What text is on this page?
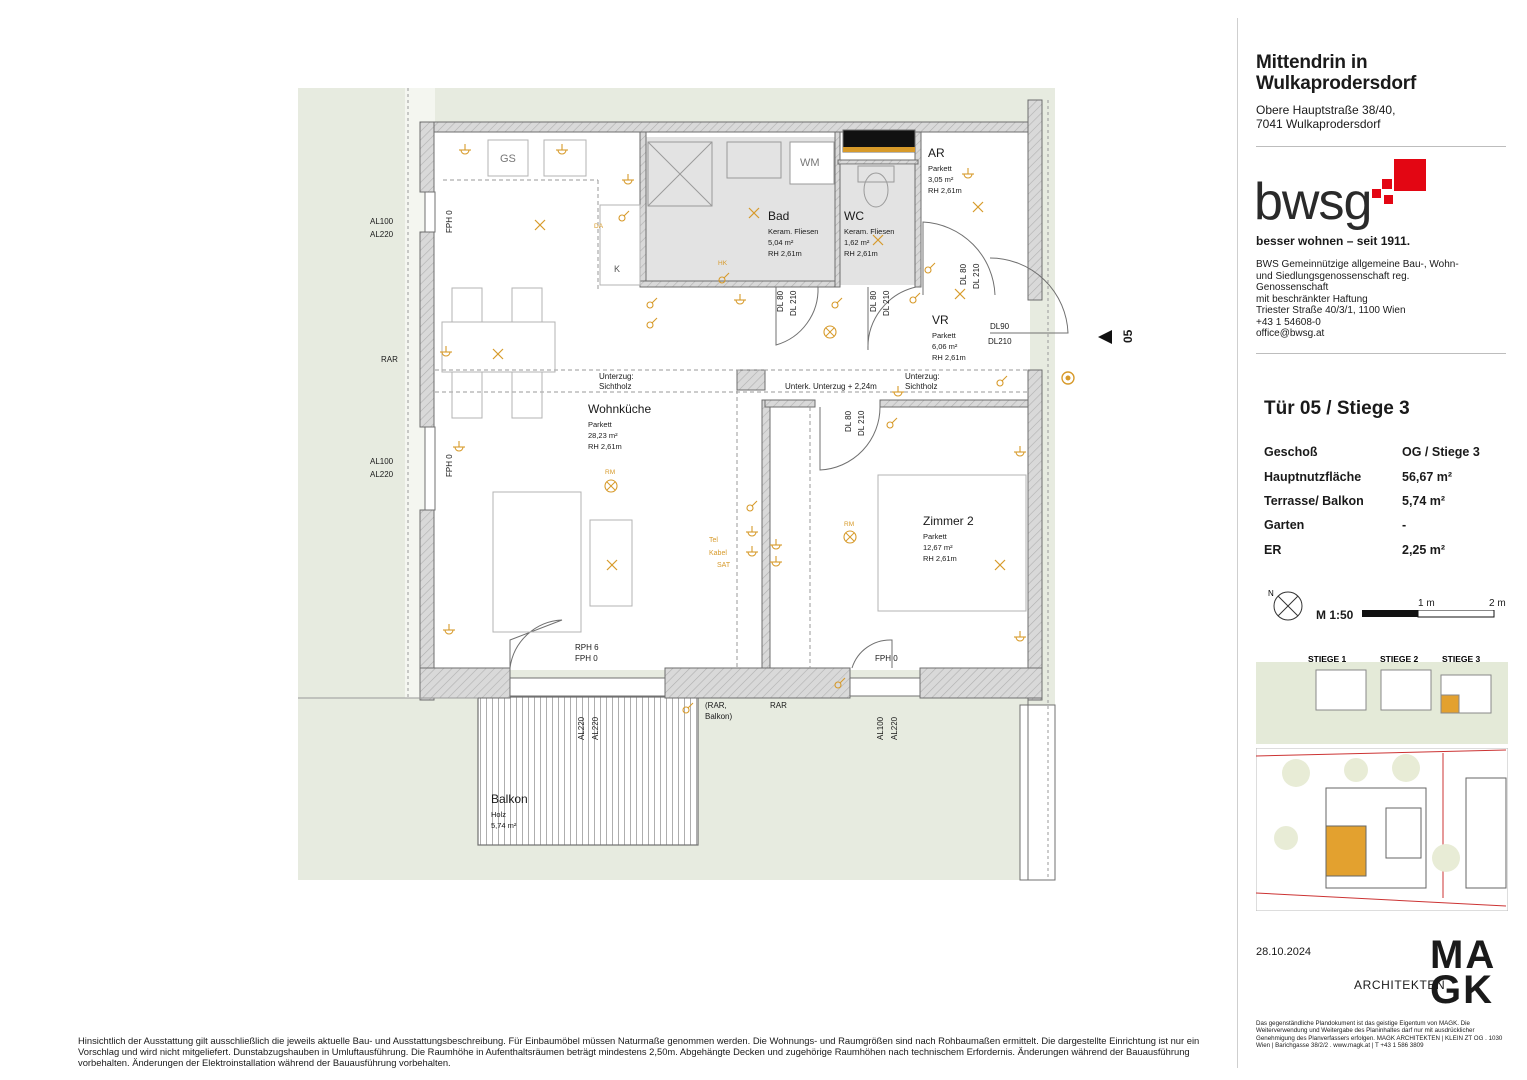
Bad
Keram. Fliesen
5,04 m²
RH 2,61m
WC
Keram. Fliesen
1,62 m²
RH 2,61m
AR
Parkett
3,05 m²
RH 2,61m
VR
Parkett
6,06 m²
RH 2,61m
Wohnküche
Parkett
28,23 m²
RH 2,61m
Zimmer 2
Parkett
12,67 m²
RH 2,61m
Balkon
Holz
5,74 m²
GS	WM
HK
DA
K
RM
RM
AL100
AL220
AL100
AL220
FPH 0
FPH 0
RAR
RAR
RPH 6
FPH 0	FPH 0
(RAR,
Balkon)
AL220 AL220	AL100 AL220
DL 80 DL 210	DL 80 DL 210
DL 80 DL 210
DL 80 DL 210
DL90
DL210
Unterzug:
Sichtholz	Unterk. Unterzug + 2,24m
Unterzug:
Sichtholz
Tel
Kabel
SAT
05
Mittendrin in
Wulkaprodersdorf
Obere Hauptstraße 38/40,
7041 Wulkaprodersdorf
bwsg
besser wohnen – seit 1911.
BWS Gemeinnützige allgemeine Bau-, Wohn-
und Siedlungsgenossenschaft reg.
Genossenschaft
mit beschränkter Haftung
Triester Straße 40/3/1, 1100 Wien
+43 1 54608-0
office@bwsg.at
Tür 05 / Stiege 3
Geschoß	OG / Stiege 3
Hauptnutzfläche	56,67 m²
Terrasse/ Balkon	5,74 m²
Garten	-
ER	2,25 m²
N
M 1:50
1 m	2 m
STIEGE 1	STIEGE 2	STIEGE 3
28.10.2024
ARCHITEKTEN
MA
GK
Das gegenständliche Plandokument ist das geistige Eigentum von MAGK. Die Weiterverwendung und Weitergabe des Planinhaltes darf nur mit ausdrücklicher Genehmigung des Planverfassers erfolgen. MAGK ARCHITEKTEN | KLEIN ZT OG . 1030 Wien | Barichgasse 38/2/2 . www.magk.at | T +43 1 586 3809
Hinsichtlich der Ausstattung gilt ausschließlich die jeweils aktuelle Bau- und Ausstattungsbeschreibung. Für Einbaumöbel müssen Naturmaße genommen werden. Die Wohnungs- und Raumgrößen sind nach Rohbaumaßen ermittelt. Die dargestellte Einrichtung ist nur ein Vorschlag und wird nicht mitgeliefert. Dunstabzugshauben in Umluftausführung. Die Raumhöhe in Aufenthaltsräumen beträgt mindestens 2,50m. Abgehängte Decken und zugehörige Raumhöhen nach technischem Erfordernis. Änderungen während der Bauausführung vorbehalten. Änderungen der Elektroinstallation während der Bauausführung vorbehalten.
